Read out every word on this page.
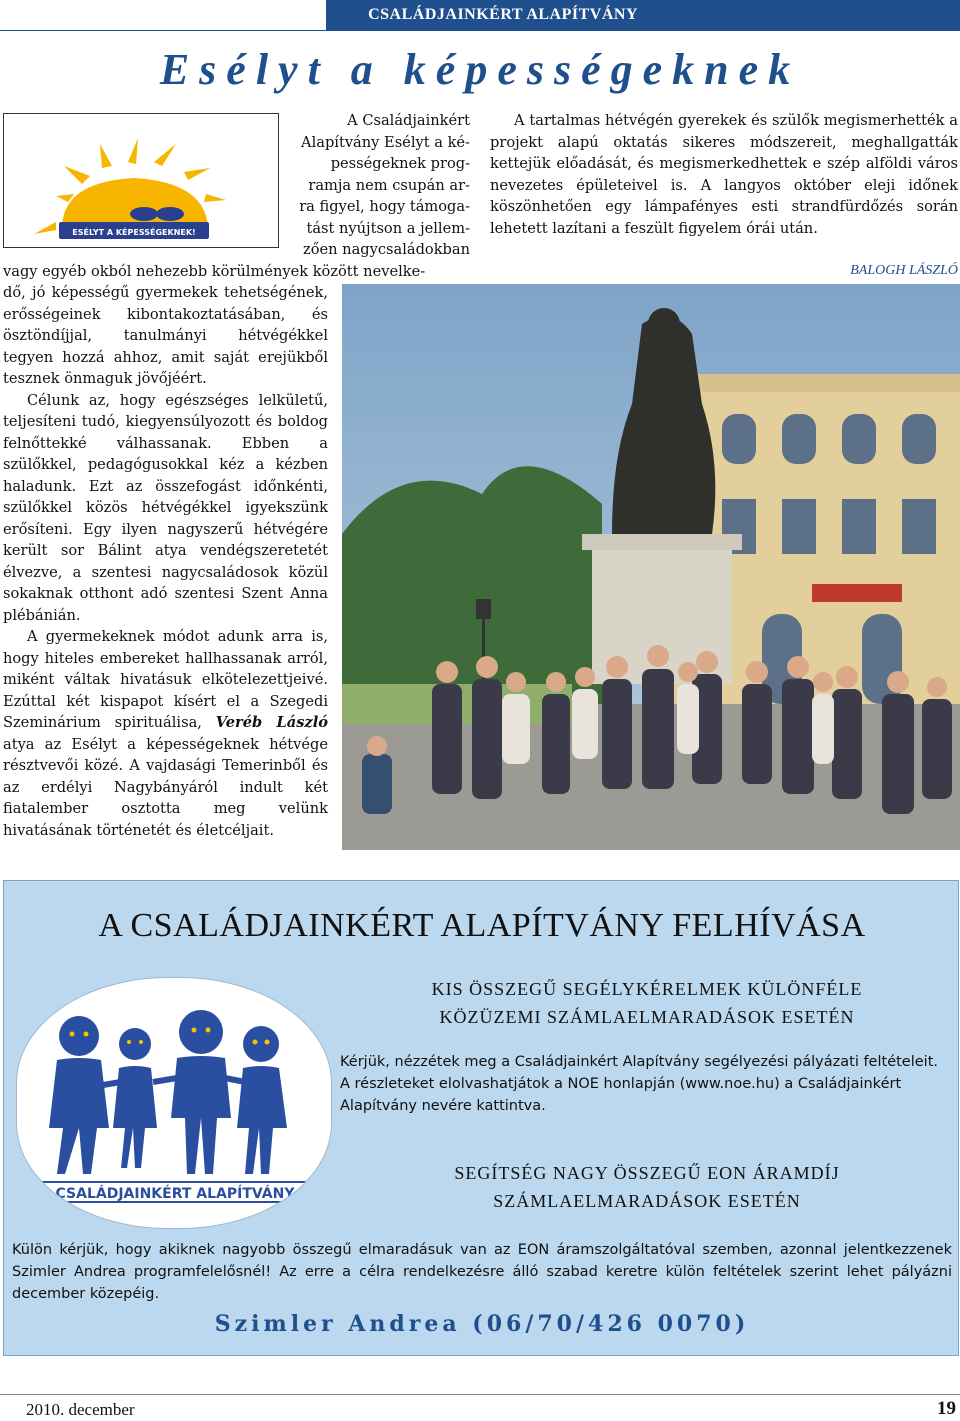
CSALÁDJAINKÉRT ALAPÍTVÁNY
Esélyt a képességeknek
ESÉLYT A KÉPESSÉGEKNEK!
A Családjainkért
Alapítvány Esélyt a ké-
pességeknek prog-
ramja nem csupán ar-
ra figyel, hogy támoga-
tást nyújtson a jellem-
zően nagycsaládokban
vagy egyéb okból nehezebb körülmények között nevelke-

dő, jó képességű gyermekek tehetségének, erősségeinek kibontakoztatásában, és ösztöndíjjal, tanulmányi hétvégékkel tegyen hozzá ahhoz, amit saját erejükből tesznek önmaguk jövőjéért.

Célunk az, hogy egészséges lelkületű, teljesíteni tudó, kiegyensúlyozott és boldog felnőttekké válhassanak. Ebben a szülőkkel, pedagógusokkal kéz a kézben haladunk. Ezt az összefogást időnkénti, szülőkkel közös hétvégékkel igyekszünk erősíteni. Egy ilyen nagyszerű hétvégére került sor Bálint atya vendégszeretetét élvezve, a szentesi nagycsaládosok közül sokaknak otthont adó szentesi Szent Anna plébánián.

A gyermekeknek módot adunk arra is, hogy hiteles embereket hallhassanak arról, miként váltak hivatásuk elkötelezettjeivé. Ezúttal két kispapot kísért el a Szegedi Szeminárium spirituálisa, Veréb László atya az Esélyt a képességeknek hétvége résztvevői közé. A vajdasági Temerinből és az erdélyi Nagybányáról indult két fiatalember osztotta meg velünk hivatásának történetét és életcéljait.

A tartalmas hétvégén gyerekek és szülők megismerhették a projekt alapú oktatás sikeres módszereit, meghallgatták kettejük előadását, és megismerkedhettek e szép alföldi város nevezetes épületeivel is. A langyos október eleji időnek köszönhetően egy lámpafényes esti strandfürdőzés során lehetett lazítani a feszült figyelem órái után.

BALOGH LÁSZLÓ
A CSALÁDJAINKÉRT ALAPÍTVÁNY FELHÍVÁSA
CSALÁDJAINKÉRT ALAPÍTVÁNY
KIS ÖSSZEGŰ SEGÉLYKÉRELMEK KÜLÖNFÉLE
KÖZÜZEMI SZÁMLAELMARADÁSOK ESETÉN
Kérjük, nézzétek meg a Családjainkért Alapítvány segélyezési pályázati feltételeit. A részleteket elolvashatjátok a NOE honlapján (www.noe.hu) a Családjainkért Alapítvány nevére kattintva.
SEGÍTSÉG NAGY ÖSSZEGŰ EON ÁRAMDÍJ
SZÁMLAELMARADÁSOK ESETÉN
Külön kérjük, hogy akiknek nagyobb összegű elmaradásuk van az EON áramszolgáltatóval szemben, azonnal jelentkezzenek Szimler Andrea programfelelősnél! Az erre a célra rendelkezésre álló szabad keretre külön feltételek szerint lehet pályázni december közepéig.
Szimler Andrea (06/70/426 0070)
2010. december	19
